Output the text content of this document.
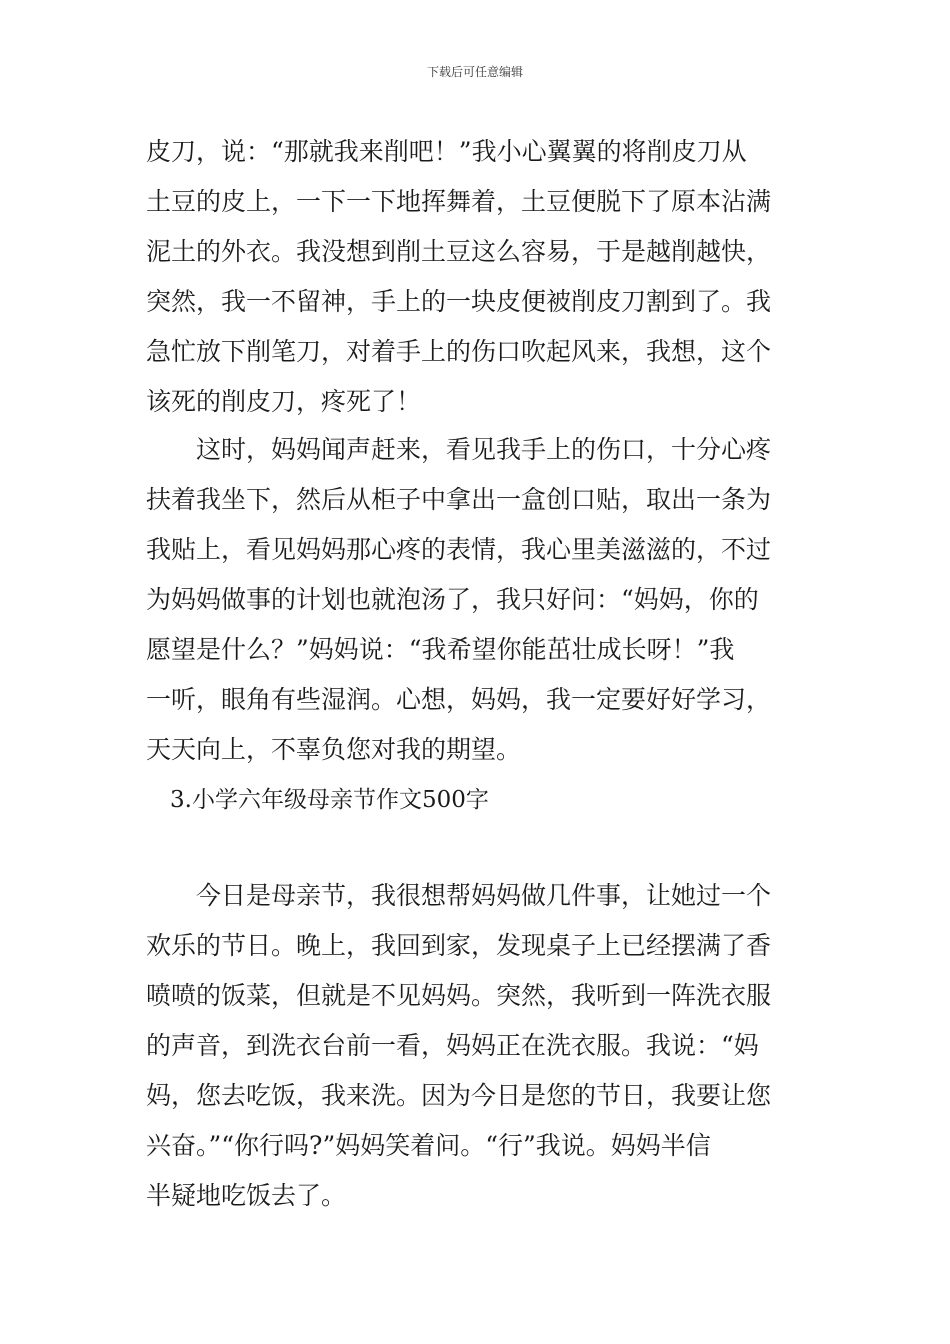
下载后可任意编辑
皮刀，说：“那就我来削吧！”我小心翼翼的将削皮刀从
土豆的皮上，一下一下地挥舞着，土豆便脱下了原本沾满
泥土的外衣。我没想到削土豆这么容易，于是越削越快，
突然，我一不留神，手上的一块皮便被削皮刀割到了。我
急忙放下削笔刀，对着手上的伤口吹起风来，我想，这个
该死的削皮刀，疼死了！
这时，妈妈闻声赶来，看见我手上的伤口，十分心疼
扶着我坐下，然后从柜子中拿出一盒创口贴，取出一条为
我贴上，看见妈妈那心疼的表情，我心里美滋滋的，不过
为妈妈做事的计划也就泡汤了，我只好问：“妈妈，你的
愿望是什么？”妈妈说：“我希望你能茁壮成长呀！”我
一听，眼角有些湿润。心想，妈妈，我一定要好好学习，
天天向上，不辜负您对我的期望。
3.小学六年级母亲节作文500字
今日是母亲节，我很想帮妈妈做几件事，让她过一个
欢乐的节日。晚上，我回到家，发现桌子上已经摆满了香
喷喷的饭菜，但就是不见妈妈。突然，我听到一阵洗衣服
的声音，到洗衣台前一看，妈妈正在洗衣服。我说：“妈
妈，您去吃饭，我来洗。因为今日是您的节日，我要让您
兴奋。”“你行吗?”妈妈笑着问。“行”我说。妈妈半信
半疑地吃饭去了。
